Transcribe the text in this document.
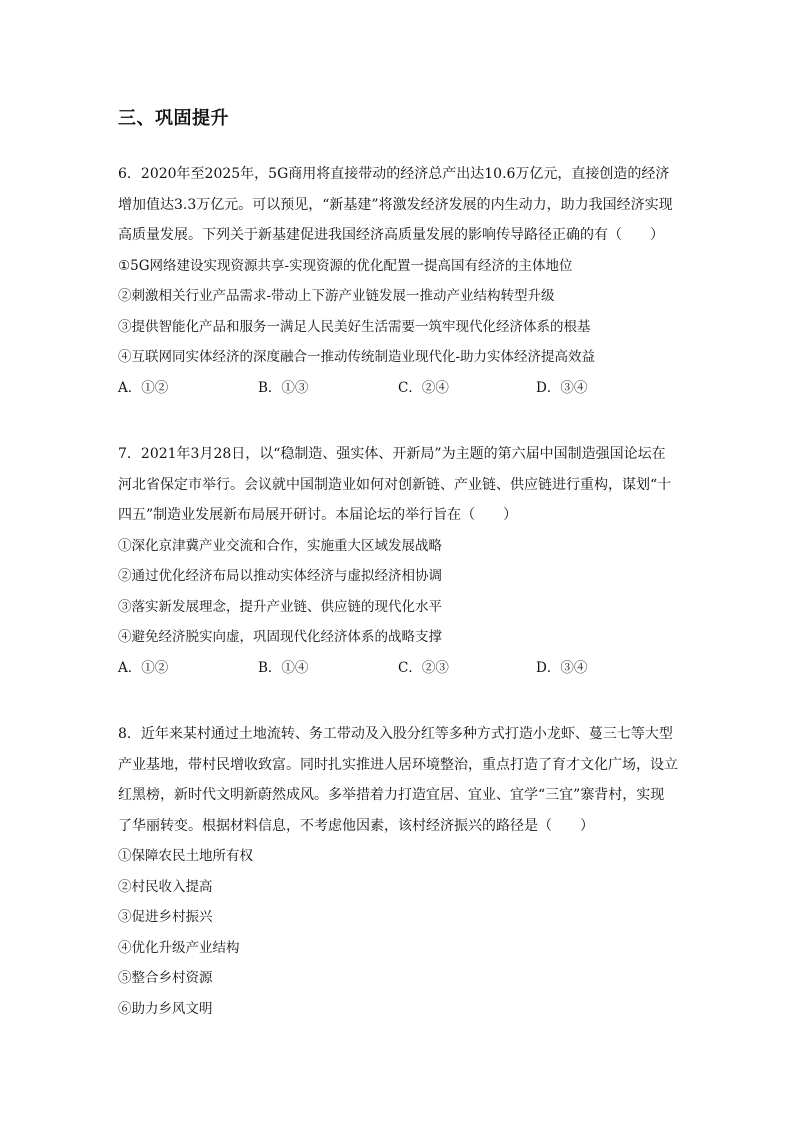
三、巩固提升

6．2020年至2025年，5G商用将直接带动的经济总产出达10.6万亿元，直接创造的经济增加值达3.3万亿元。可以预见，“新基建”将激发经济发展的内生动力，助力我国经济实现高质量发展。下列关于新基建促进我国经济高质量发展的影响传导路径正确的有（　　）

①5G网络建设实现资源共享-实现资源的优化配置一提高国有经济的主体地位

②刺激相关行业产品需求-带动上下游产业链发展一推动产业结构转型升级

③提供智能化产品和服务一满足人民美好生活需要一筑牢现代化经济体系的根基

④互联网同实体经济的深度融合一推动传统制造业现代化-助力实体经济提高效益

A．①②	B．①③	C．②④	D．③④

7．2021年3月28日，以“稳制造、强实体、开新局”为主题的第六届中国制造强国论坛在河北省保定市举行。会议就中国制造业如何对创新链、产业链、供应链进行重构，谋划“十四五”制造业发展新布局展开研讨。本届论坛的举行旨在（　　）

①深化京津冀产业交流和合作，实施重大区域发展战略

②通过优化经济布局以推动实体经济与虚拟经济相协调

③落实新发展理念，提升产业链、供应链的现代化水平

④避免经济脱实向虚，巩固现代化经济体系的战略支撑

A．①②	B．①④	C．②③	D．③④

8．近年来某村通过土地流转、务工带动及入股分红等多种方式打造小龙虾、蔓三七等大型产业基地，带村民增收致富。同时扎实推进人居环境整治，重点打造了育才文化广场，设立红黑榜，新时代文明新蔚然成风。多举措着力打造宜居、宜业、宜学“三宜”寨背村，实现了华丽转变。根据材料信息，不考虑他因素，该村经济振兴的路径是（　　）

①保障农民土地所有权

②村民收入提高

③促进乡村振兴

④优化升级产业结构

⑤整合乡村资源

⑥助力乡风文明
